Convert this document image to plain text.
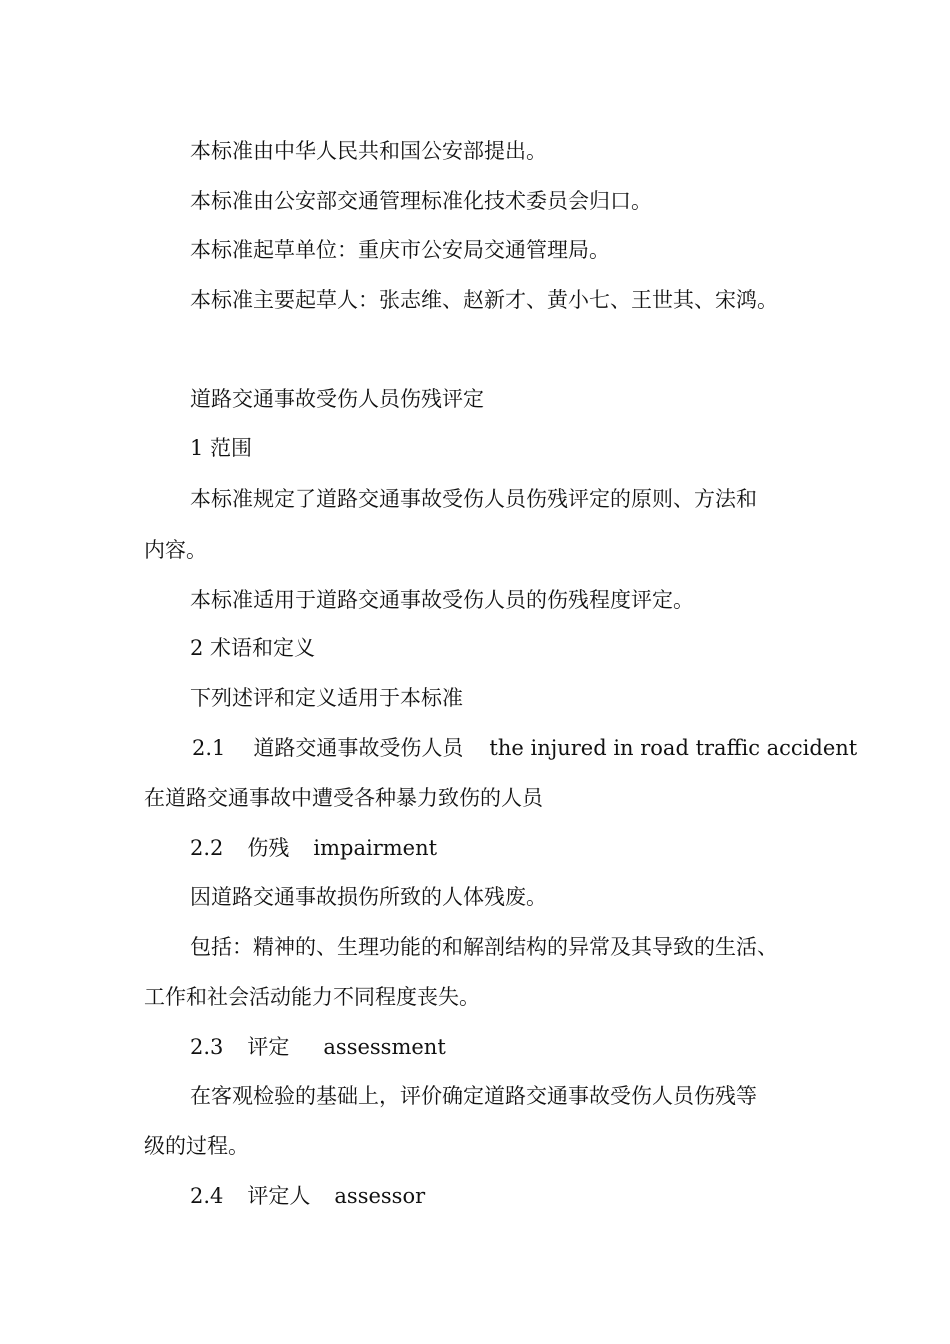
本标准由中华人民共和国公安部提出。
本标准由公安部交通管理标准化技术委员会归口。
本标准起草单位：重庆市公安局交通管理局。
本标准主要起草人：张志维、赵新才、黄小七、王世其、宋鸿。
道路交通事故受伤人员伤残评定
1 范围
本标准规定了道路交通事故受伤人员伤残评定的原则、方法和
内容。
本标准适用于道路交通事故受伤人员的伤残程度评定。
2 术语和定义
下列述评和定义适用于本标准
2.1 道路交通事故受伤人员 the injured in road traffic accident
在道路交通事故中遭受各种暴力致伤的人员
2.2 伤残 impairment
因道路交通事故损伤所致的人体残废。
包括：精神的、生理功能的和解剖结构的异常及其导致的生活、
工作和社会活动能力不同程度丧失。
2.3 评定 assessment
在客观检验的基础上，评价确定道路交通事故受伤人员伤残等
级的过程。
2.4 评定人 assessor
